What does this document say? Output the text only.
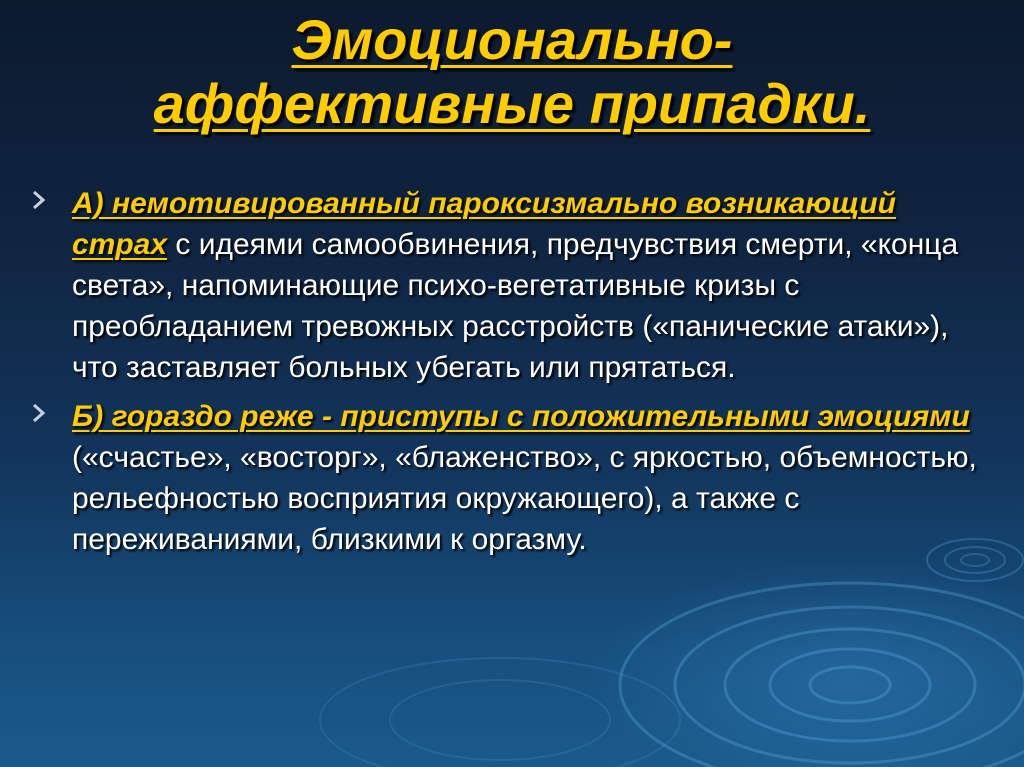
Эмоционально-
аффективные припадки.
А) немотивированный пароксизмально возникающий страх с идеями самообвинения, предчувствия смерти, «конца света», напоминающие психо-вегетативные кризы с преобладанием тревожных расстройств («панические атаки»), что заставляет больных убегать или прятаться.
Б) гораздо реже - приступы с положительными эмоциями («счастье», «восторг», «блаженство», с яркостью, объемностью, рельефностью восприятия окружающего), а также с переживаниями, близкими к оргазму.
